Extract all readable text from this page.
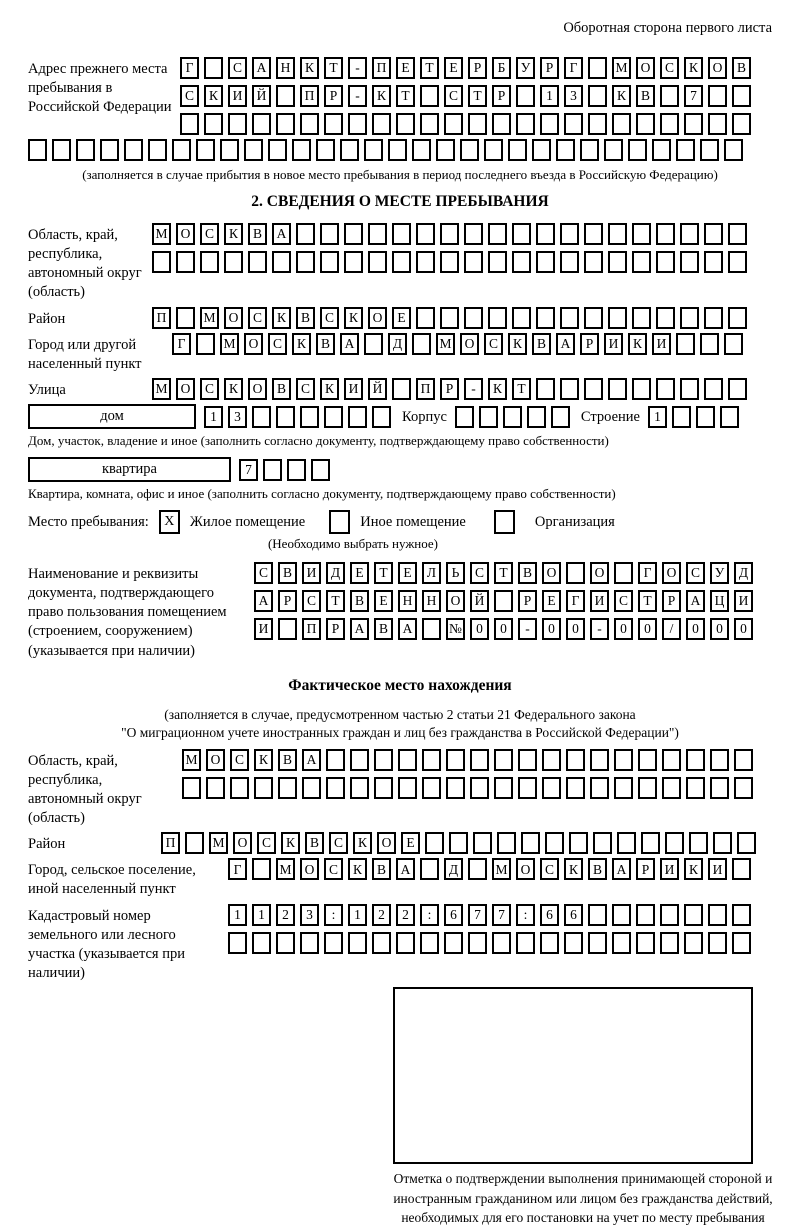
Оборотная сторона первого листа
Адрес прежнего места пребывания в Российской Федерации
Г	С	А	Н	К	Т	-	П	Е	Т	Е	Р	Б	У	Р	Г	М О	С	К	О	В
С	К	И	Й	П	Р	-	К	Т	С	Т	Р	1	3	К	В	7
(заполняется в случае прибытия в новое место пребывания в период последнего въезда в Российскую Федерацию)
2. СВЕДЕНИЯ О МЕСТЕ ПРЕБЫВАНИЯ
Область, край, республика, автономный округ (область)
М О	С	К	В	А
Район	П	М О	С	К	В	С	К	О	Е
Город или другой населенный пункт
Г	М О	С	К	В	А	Д	М О	С	К	В	А	Р	И	К	И
Улица	М О	С	К	О	В	С	К	И	Й	П	Р	-	К	Т
дом	1	3	Корпус	Строение	1
Дом, участок, владение и иное (заполнить согласно документу, подтверждающему право собственности)
квартира	7
Квартира, комната, офис и иное (заполнить согласно документу, подтверждающему право собственности)
Место пребывания:	X	Жилое помещение	Иное помещение	Организация
(Необходимо выбрать нужное)
Наименование и реквизиты документа, подтверждающего право пользования помещением (строением, сооружением) (указывается при наличии)
С	В	И	Д	Е	Т	Е	Л	Ь	С	Т	В	О	О	Г	О	С	У	Д
А	Р	С	Т	В	Е	Н	Н	О	Й	Р	Е	Г	И	С	Т	Р	А	Ц	И
И	П	Р	А	В	А	№	0	0	-	0	0	-	0	0	/	0	0	0
Фактическое место нахождения
(заполняется в случае, предусмотренном частью 2 статьи 21 Федерального закона
"О миграционном учете иностранных граждан и лиц без гражданства в Российской Федерации")
Область, край, республика, автономный округ (область)
М О	С	К	В	А
Район	П	М О	С	К	В	С	К	О	Е
Город, сельское поселение, иной населенный пункт
Г	М О	С	К	В	А	Д	М О	С	К	В	А	Р	И	К	И
Кадастровый номер земельного или лесного участка (указывается при наличии)
1	1	2	3	:	1	2	2	:	6	7	7	:	6	6
Отметка о подтверждении выполнения принимающей стороной и иностранным гражданином или лицом без гражданства действий, необходимых для его постановки на учет по месту пребывания
